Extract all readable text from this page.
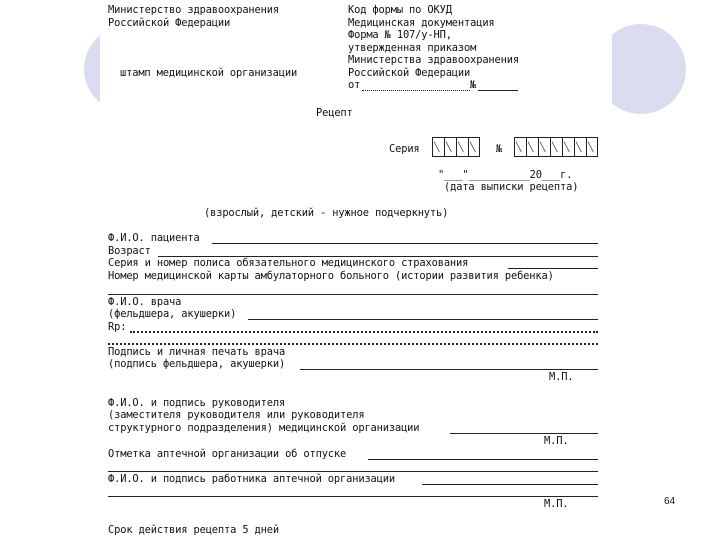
Министерство здравоохранения
Российской Федерации
штамп медицинской организации
Код формы по ОКУД
Медицинская документация
Форма № 107/у-НП,
утвержденная приказом
Министерства здравоохранения
Российской Федерации
от	№
Рецепт
Серия ╲ ╲ ╲ ╲	№
╲
╲
╲
╲
╲
╲
╲
"___"__________20___г.
(дата выписки рецепта)
(взрослый, детский - нужное подчеркнуть)
Ф.И.О. пациента
Возраст
Серия и номер полиса обязательного медицинского страхования
Номер медицинской карты амбулаторного больного (истории развития ребенка)
Ф.И.О. врача
(фельдшера, акушерки)
Rp:
Подпись и личная печать врача
(подпись фельдшера, акушерки)
М.П.
Ф.И.О. и подпись руководителя
(заместителя руководителя или руководителя
структурного подразделения) медицинской организации
М.П.
Отметка аптечной организации об отпуске
Ф.И.О. и подпись работника аптечной организации
М.П.
Срок действия рецепта 5 дней
64
